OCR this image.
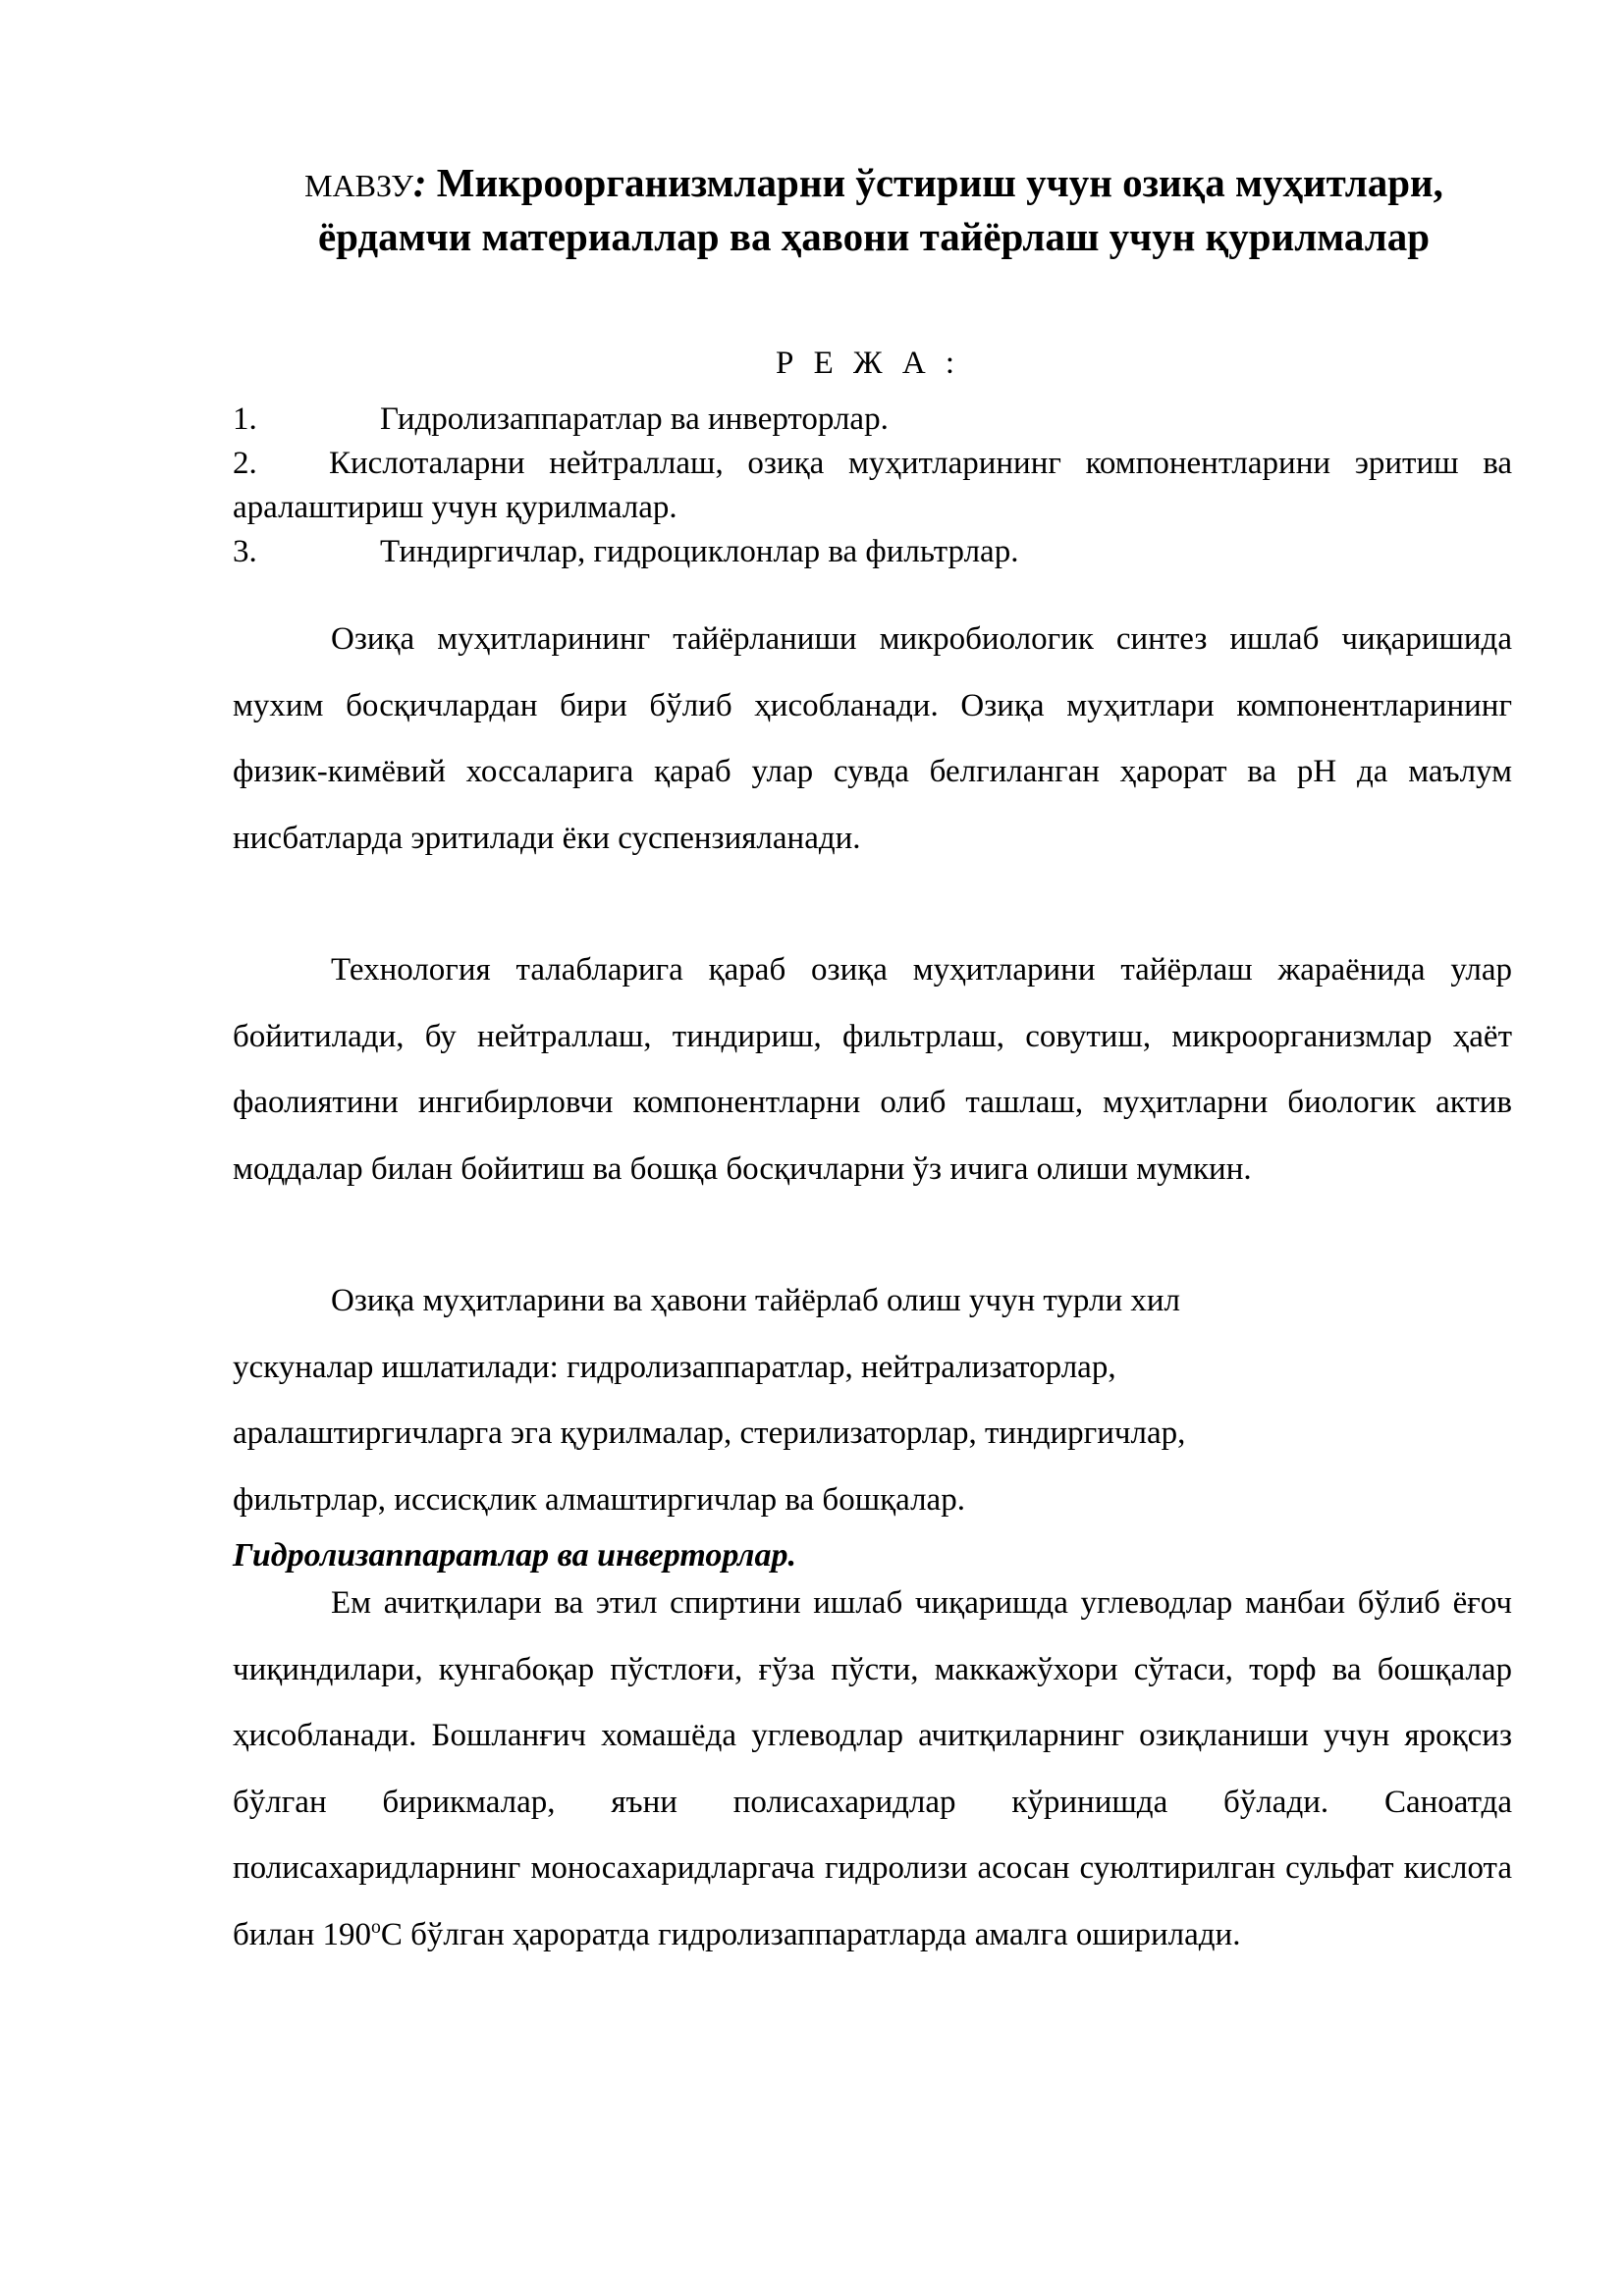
МАВЗУ: Микроорганизмларни ўстириш учун озиқа муҳитлари, ёрдамчи материаллар ва ҳавони тайёрлаш учун қурилмалар
Р Е Ж А :
1.	Гидролизаппаратлар ва инверторлар.
2. Кислоталарни нейтраллаш, озиқа муҳитларининг компонентларини эритиш ва аралаштириш учун қурилмалар.
3.	Тиндиргичлар, гидроциклонлар ва фильтрлар.

Озиқа муҳитларининг тайёрланиши микробиологик синтез ишлаб чиқаришида мухим босқичлардан бири бўлиб ҳисобланади. Озиқа муҳитлари компонентларининг физик-кимёвий хоссаларига қараб улар сувда белгиланган ҳарорат ва pH да маълум нисбатларда эритилади ёки суспензияланади.

Технология талабларига қараб озиқа муҳитларини тайёрлаш жараёнида улар бойитилади, бу нейтраллаш, тиндириш, фильтрлаш, совутиш, микроорганизмлар ҳаёт фаолиятини ингибирловчи компонентларни олиб ташлаш, муҳитларни биологик актив моддалар билан бойитиш ва бошқа босқичларни ўз ичига олиши мумкин.

Озиқа муҳитларини ва ҳавони тайёрлаб олиш учун турли хил
ускуналар ишлатилади: гидролизаппаратлар, нейтрализаторлар,
аралаштиргичларга эга қурилмалар, стерилизаторлар, тиндиргичлар,
фильтрлар, иссисқлик алмаштиргичлар ва бошқалар.
Гидролизаппаратлар ва инверторлар.

Ем ачитқилари ва этил спиртини ишлаб чиқаришда углеводлар манбаи бўлиб ёғоч чиқиндилари, кунгабоқар пўстлоғи, ғўза пўсти, маккажўхори сўтаси, торф ва бошқалар ҳисобланади. Бошланғич хомашёда углеводлар ачитқиларнинг озиқланиши учун яроқсиз бўлган бирикмалар, яъни полисахаридлар кўринишда бўлади. Саноатда полисахаридларнинг моносахаридларгача гидролизи асосан суюлтирилган сульфат кислота билан $190^оС$ бўлган ҳароратда гидролизаппаратларда амалга оширилади.
